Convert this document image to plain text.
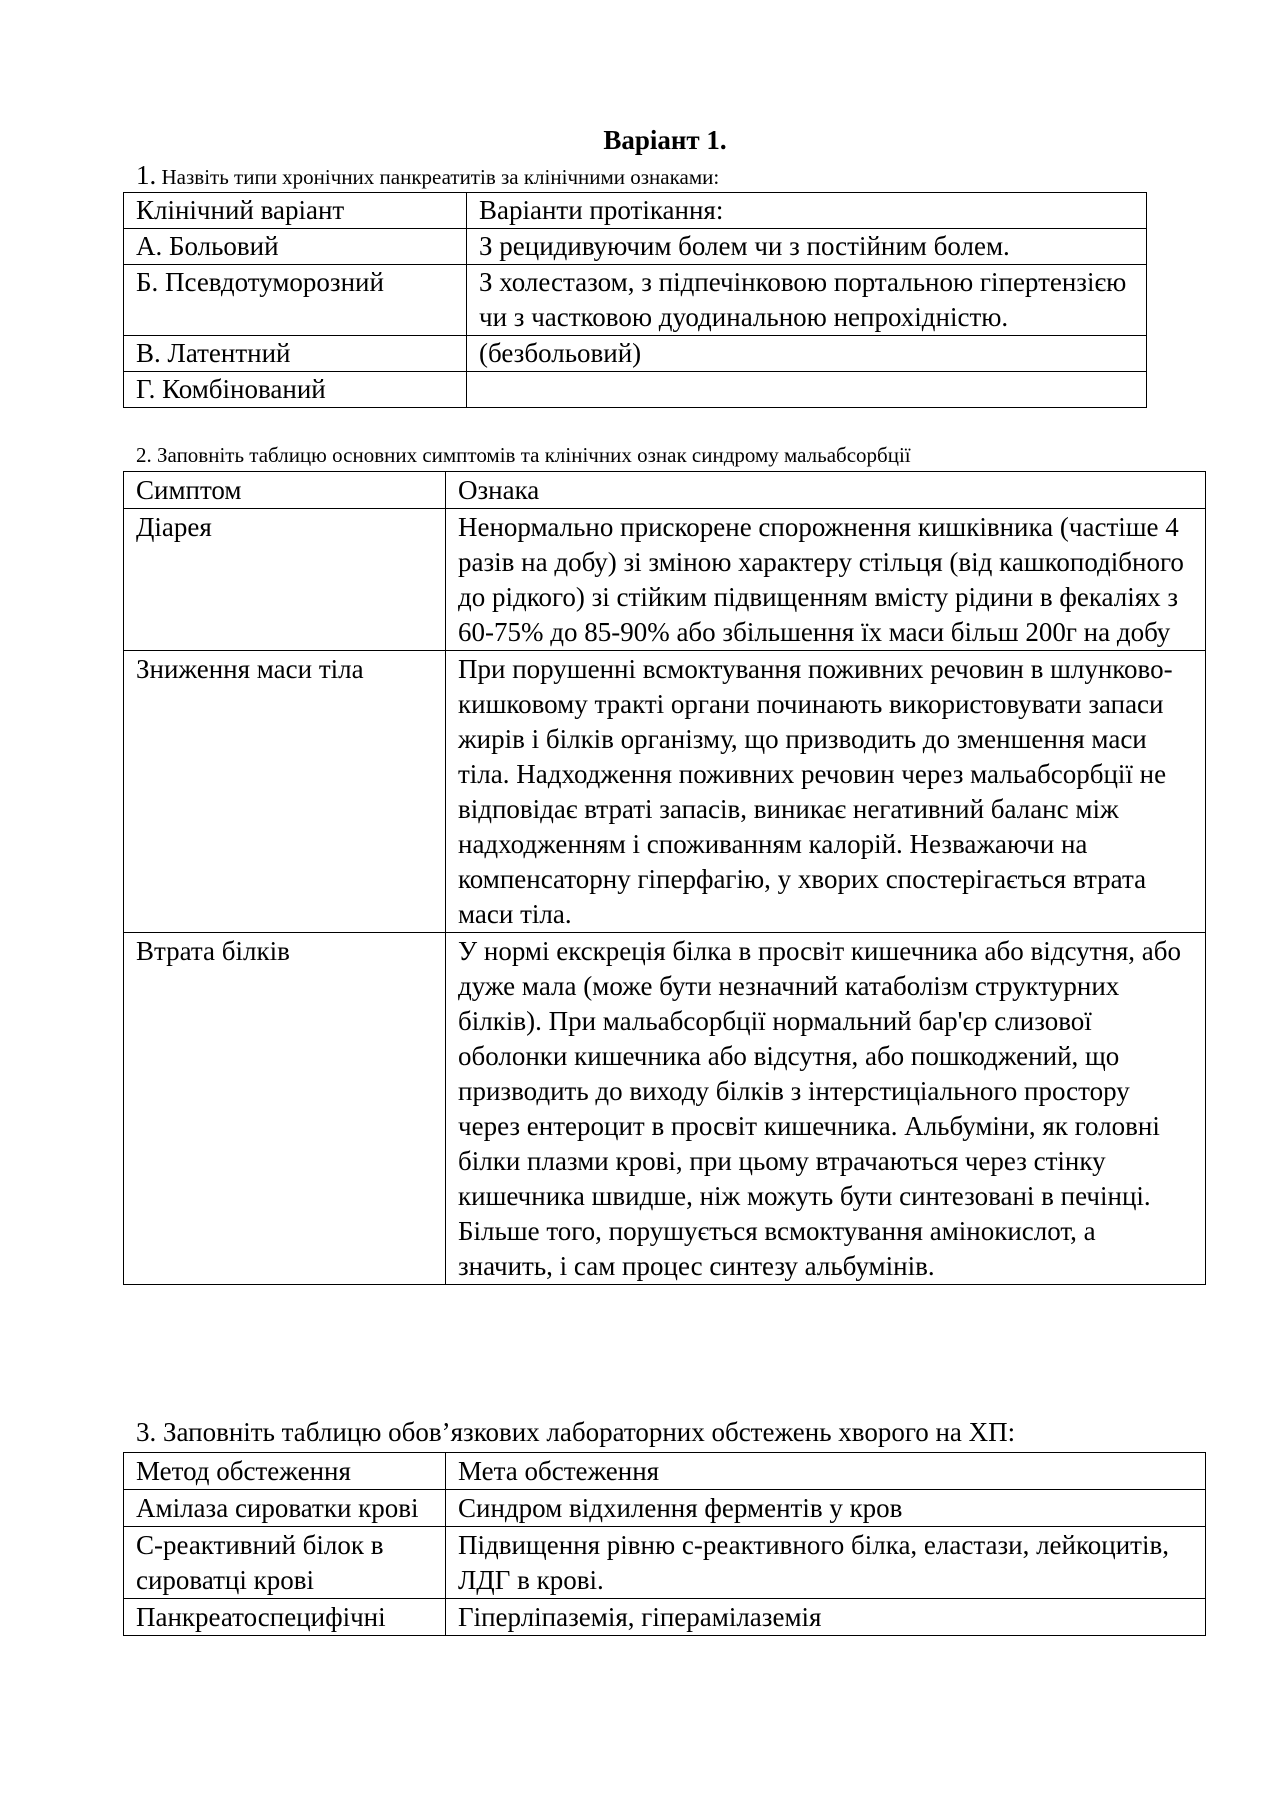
Варіант 1.
1. Назвіть типи хронічних панкреатитів за клінічними ознаками:
Клінічний варіант	Варіанти протікання:
А. Больовий	З рецидивуючим болем чи з постійним болем.
Б. Псевдотуморозний	З холестазом, з підпечінковою портальною гіпертензією чи з частковою дуодинальною непрохідністю.
В. Латентний	(безбольовий)
Г. Комбінований	
2. Заповніть таблицю основних симптомів та клінічних ознак синдрому мальабсорбції
Симптом	Ознака
Діарея	Ненормально прискорене спорожнення кишківника (частіше 4 разів на добу) зі зміною характеру стільця (від кашкоподібного до рідкого) зі стійким підвищенням вмісту рідини в фекаліях з 60-75% до 85-90% або збільшення їх маси більш 200г на добу
Зниження маси тіла	При порушенні всмоктування поживних речовин в шлунково-кишковому тракті органи починають використовувати запаси жирів і білків організму, що призводить до зменшення маси тіла. Надходження поживних речовин через мальабсорбції не відповідає втраті запасів, виникає негативний баланс між надходженням і споживанням калорій. Незважаючи на компенсаторну гіперфагію, у хворих спостерігається втрата маси тіла.
Втрата білків	У нормі екскреція білка в просвіт кишечника або відсутня, або дуже мала (може бути незначний катаболізм структурних білків). При мальабсорбції нормальний бар'єр слизової оболонки кишечника або відсутня, або пошкоджений, що призводить до виходу білків з інтерстиціального простору через ентероцит в просвіт кишечника. Альбуміни, як головні білки плазми крові, при цьому втрачаються через стінку кишечника швидше, ніж можуть бути синтезовані в печінці. Більше того, порушується всмоктування амінокислот, а значить, і сам процес синтезу альбумінів.
3. Заповніть таблицю обов’язкових лабораторних обстежень хворого на ХП:
Метод обстеження	Мета обстеження
Амілаза сироватки крові	Синдром відхилення ферментів у кров
С-реактивний білок в сироватці крові	Підвищення рівню с-реактивного білка, еластази, лейкоцитів, ЛДГ в крові.
Панкреатоспецифічні	Гіперліпаземія, гіперамілаземія
